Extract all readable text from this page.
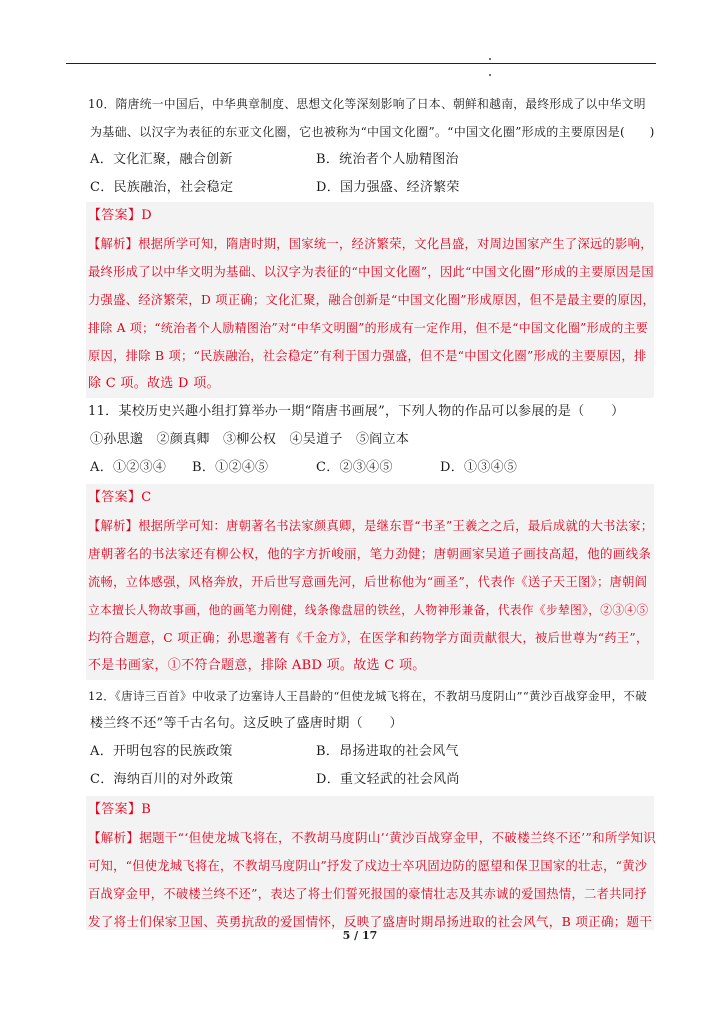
10．隋唐统一中国后，中华典章制度、思想文化等深刻影响了日本、朝鲜和越南，最终形成了以中华文明
为基础、以汉字为表征的东亚文化圈，它也被称为“中国文化圈”。“中国文化圈”形成的主要原因是(　　)
A．文化汇聚，融合创新	B．统治者个人励精图治
C．民族融治，社会稳定	D．国力强盛、经济繁荣
【答案】D
【解析】根据所学可知，隋唐时期，国家统一，经济繁荣，文化昌盛，对周边国家产生了深远的影响，
最终形成了以中华文明为基础、以汉字为表征的“中国文化圈”，因此“中国文化圈”形成的主要原因是国
力强盛、经济繁荣，D 项正确；文化汇聚，融合创新是“中国文化圈”形成原因，但不是最主要的原因，
排除 A 项；“统治者个人励精图治”对“中华文明圈”的形成有一定作用，但不是“中国文化圈”形成的主要
原因，排除 B 项；“民族融治，社会稳定”有利于国力强盛，但不是“中国文化圈”形成的主要原因，排
除 C 项。故选 D 项。
11．某校历史兴趣小组打算举办一期“隋唐书画展”，下列人物的作品可以参展的是（　　）
①孙思邈　②颜真卿　③柳公权　④吴道子　⑤阎立本
A．①②③④ B．①②④⑤	C．②③④⑤	D．①③④⑤
【答案】C
【解析】根据所学可知：唐朝著名书法家颜真卿，是继东晋“书圣”王羲之之后，最后成就的大书法家；
唐朝著名的书法家还有柳公权，他的字方折峻丽，笔力劲健；唐朝画家吴道子画技高超，他的画线条
流畅，立体感强，风格奔放，开后世写意画先河，后世称他为“画圣”，代表作《送子天王图》；唐朝阎
立本擅长人物故事画，他的画笔力刚健，线条像盘屈的铁丝，人物神形兼备，代表作《步辇图》，②③④⑤
均符合题意，C 项正确；孙思邈著有《千金方》，在医学和药物学方面贡献很大，被后世尊为“药王”，
不是书画家，①不符合题意，排除 ABD 项。故选 C 项。
12．《唐诗三百首》中收录了边塞诗人王昌龄的“但使龙城飞将在，不教胡马度阴山”“黄沙百战穿金甲，不破
楼兰终不还”等千古名句。这反映了盛唐时期（　　）
A．开明包容的民族政策	B．昂扬进取的社会风气
C．海纳百川的对外政策	D．重文轻武的社会风尚
【答案】B
【解析】据题干“‘但使龙城飞将在，不教胡马度阴山’‘黄沙百战穿金甲，不破楼兰终不还’”和所学知识
可知，“但使龙城飞将在，不教胡马度阴山”抒发了戍边士卒巩固边防的愿望和保卫国家的壮志，“黄沙
百战穿金甲，不破楼兰终不还”，表达了将士们誓死报国的豪情壮志及其赤诚的爱国热情，二者共同抒
发了将士们保家卫国、英勇抗敌的爱国情怀，反映了盛唐时期昂扬进取的社会风气，B 项正确；题干
5 / 17
